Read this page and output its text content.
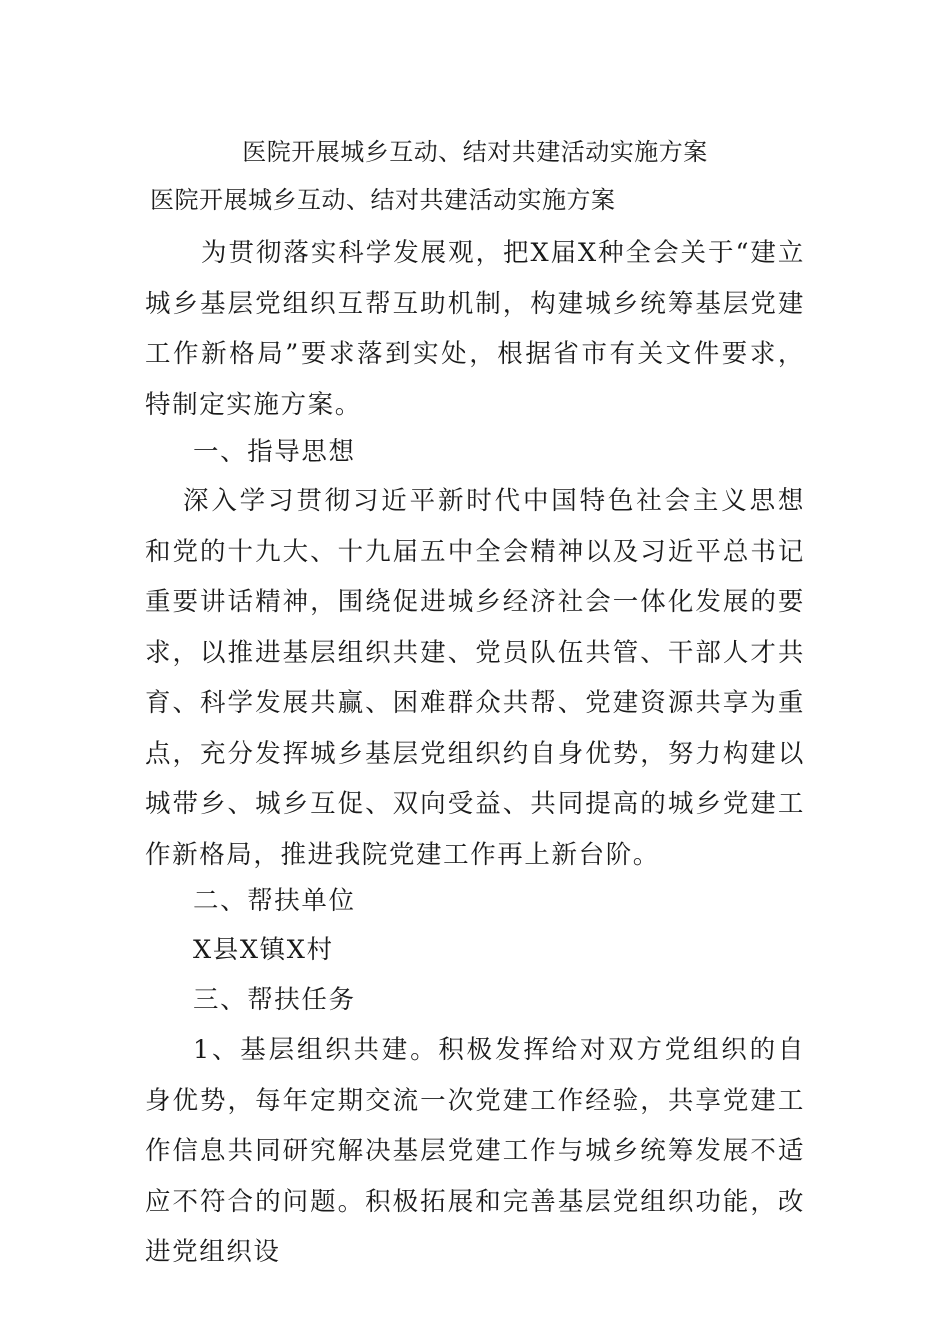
医院开展城乡互动、结对共建活动实施方案
医院开展城乡互动、结对共建活动实施方案
为贯彻落实科学发展观，把X届X种全会关于“建立城乡基层党组织互帮互助机制，构建城乡统筹基层党建工作新格局”要求落到实处，根据省市有关文件要求，特制定实施方案。
一、指导思想
深入学习贯彻习近平新时代中国特色社会主义思想和党的十九大、十九届五中全会精神以及习近平总书记重要讲话精神，围绕促进城乡经济社会一体化发展的要求，以推进基层组织共建、党员队伍共管、干部人才共育、科学发展共赢、困难群众共帮、党建资源共享为重点，充分发挥城乡基层党组织约自身优势，努力构建以城带乡、城乡互促、双向受益、共同提高的城乡党建工作新格局，推进我院党建工作再上新台阶。
二、帮扶单位
X县X镇X村
三、帮扶任务
1、基层组织共建。积极发挥给对双方党组织的自身优势，每年定期交流一次党建工作经验，共享党建工作信息共同研究解决基层党建工作与城乡统筹发展不适应不符合的问题。积极拓展和完善基层党组织功能，改进党组织设
